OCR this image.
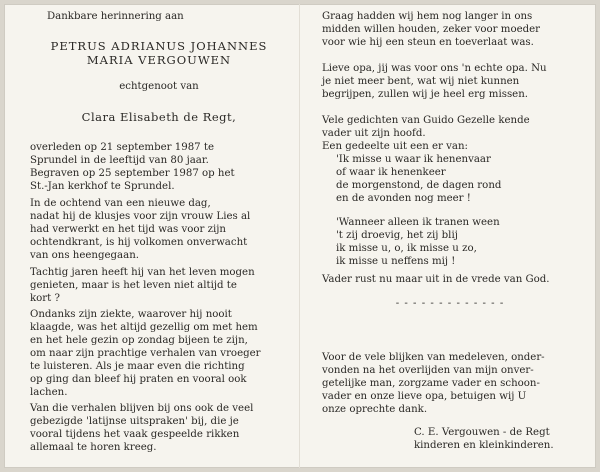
Dankbare herinnering aan
PETRUS ADRIANUS JOHANNES
MARIA VERGOUWEN
echtgenoot van
Clara Elisabeth de Regt,
overleden op 21 september 1987 te
Sprundel in de leeftijd van 80 jaar.
Begraven op 25 september 1987 op het
St.-Jan kerkhof te Sprundel.
In de ochtend van een nieuwe dag,
nadat hij de klusjes voor zijn vrouw Lies al
had verwerkt en het tijd was voor zijn
ochtendkrant, is hij volkomen onverwacht
van ons heengegaan.
Tachtig jaren heeft hij van het leven mogen
genieten, maar is het leven niet altijd te
kort ?
Ondanks zijn ziekte, waarover hij nooit
klaagde, was het altijd gezellig om met hem
en het hele gezin op zondag bijeen te zijn,
om naar zijn prachtige verhalen van vroeger
te luisteren. Als je maar even die richting
op ging dan bleef hij praten en vooral ook
lachen.
Van die verhalen blijven bij ons ook de veel
gebezigde 'latijnse uitspraken' bij, die je
vooral tijdens het vaak gespeelde rikken
allemaal te horen kreeg.
Graag hadden wij hem nog langer in ons
midden willen houden, zeker voor moeder
voor wie hij een steun en toeverlaat was.
Lieve opa, jij was voor ons 'n echte opa. Nu
je niet meer bent, wat wij niet kunnen
begrijpen, zullen wij je heel erg missen.
Vele gedichten van Guido Gezelle kende
vader uit zijn hoofd.
Een gedeelte uit een er van:
'Ik misse u waar ik henenvaar
of waar ik henenkeer
de morgenstond, de dagen rond
en de avonden nog meer !
'Wanneer alleen ik tranen ween
't zij droevig, het zij blij
ik misse u, o, ik misse u zo,
ik misse u neffens mij !
Vader rust nu maar uit in de vrede van God.
- - - - - - - - - - - - -
Voor de vele blijken van medeleven, onder-
vonden na het overlijden van mijn onver-
getelijke man, zorgzame vader en schoon-
vader en onze lieve opa, betuigen wij U
onze oprechte dank.
C. E. Vergouwen - de Regt
kinderen en kleinkinderen.
